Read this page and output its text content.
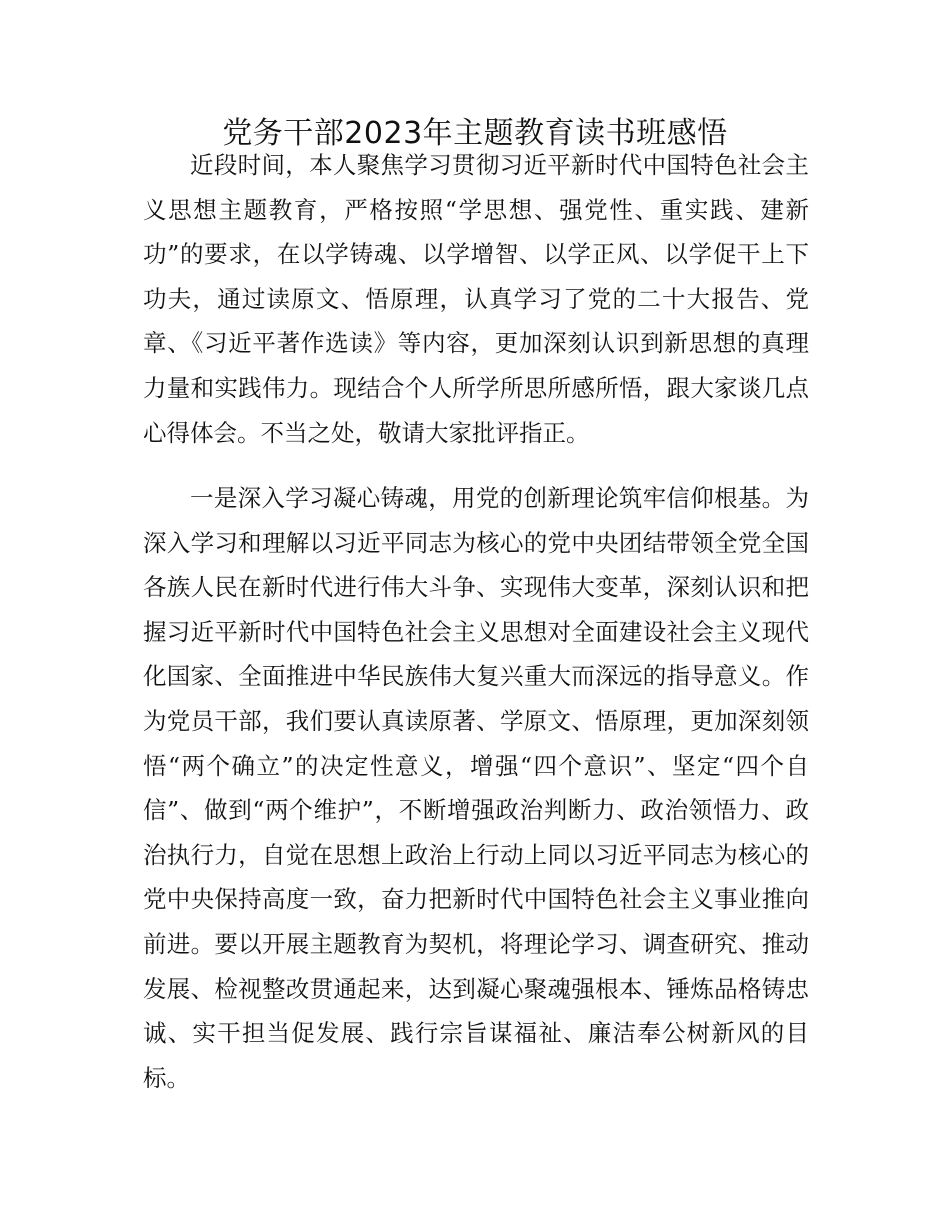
党务干部2023年主题教育读书班感悟

近段时间，本人聚焦学习贯彻习近平新时代中国特色社会主义思想主题教育，严格按照“学思想、强党性、重实践、建新功”的要求，在以学铸魂、以学增智、以学正风、以学促干上下功夫，通过读原文、悟原理，认真学习了党的二十大报告、党章、《习近平著作选读》等内容，更加深刻认识到新思想的真理力量和实践伟力。现结合个人所学所思所感所悟，跟大家谈几点心得体会。不当之处，敬请大家批评指正。

一是深入学习凝心铸魂，用党的创新理论筑牢信仰根基。为深入学习和理解以习近平同志为核心的党中央团结带领全党全国各族人民在新时代进行伟大斗争、实现伟大变革，深刻认识和把握习近平新时代中国特色社会主义思想对全面建设社会主义现代化国家、全面推进中华民族伟大复兴重大而深远的指导意义。作为党员干部，我们要认真读原著、学原文、悟原理，更加深刻领悟“两个确立”的决定性意义，增强“四个意识”、坚定“四个自信”、做到“两个维护”，不断增强政治判断力、政治领悟力、政治执行力，自觉在思想上政治上行动上同以习近平同志为核心的党中央保持高度一致，奋力把新时代中国特色社会主义事业推向前进。要以开展主题教育为契机，将理论学习、调查研究、推动发展、检视整改贯通起来，达到凝心聚魂强根本、锤炼品格铸忠诚、实干担当促发展、践行宗旨谋福祉、廉洁奉公树新风的目标。
